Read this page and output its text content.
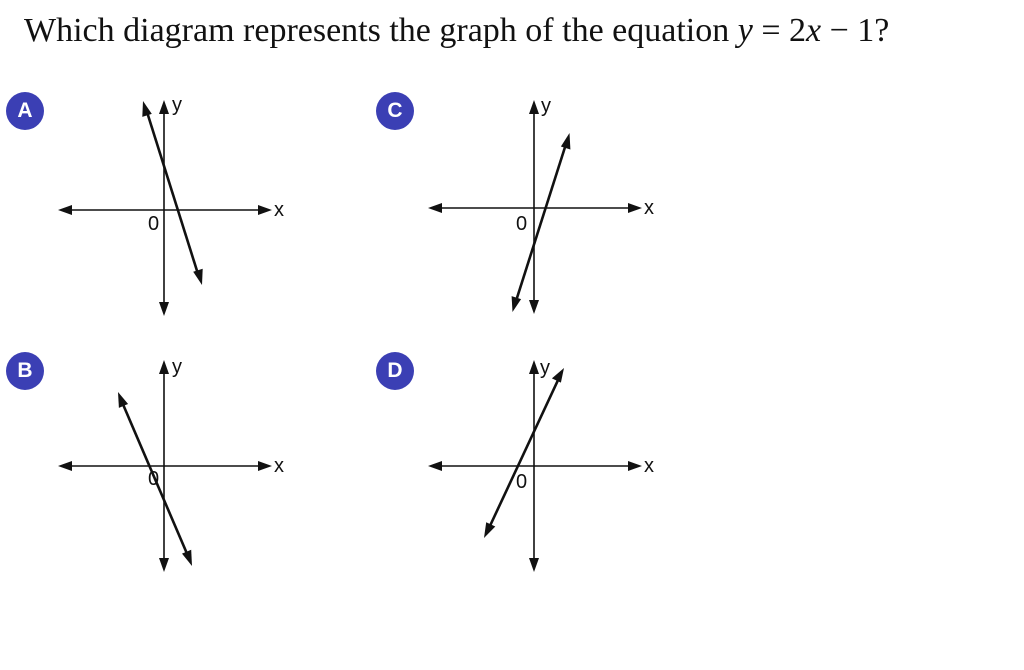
Which diagram represents the graph of the equation y = 2x − 1?
A	y
x
0
B	y
x
0
C	y
x
0
D	y
x
0
